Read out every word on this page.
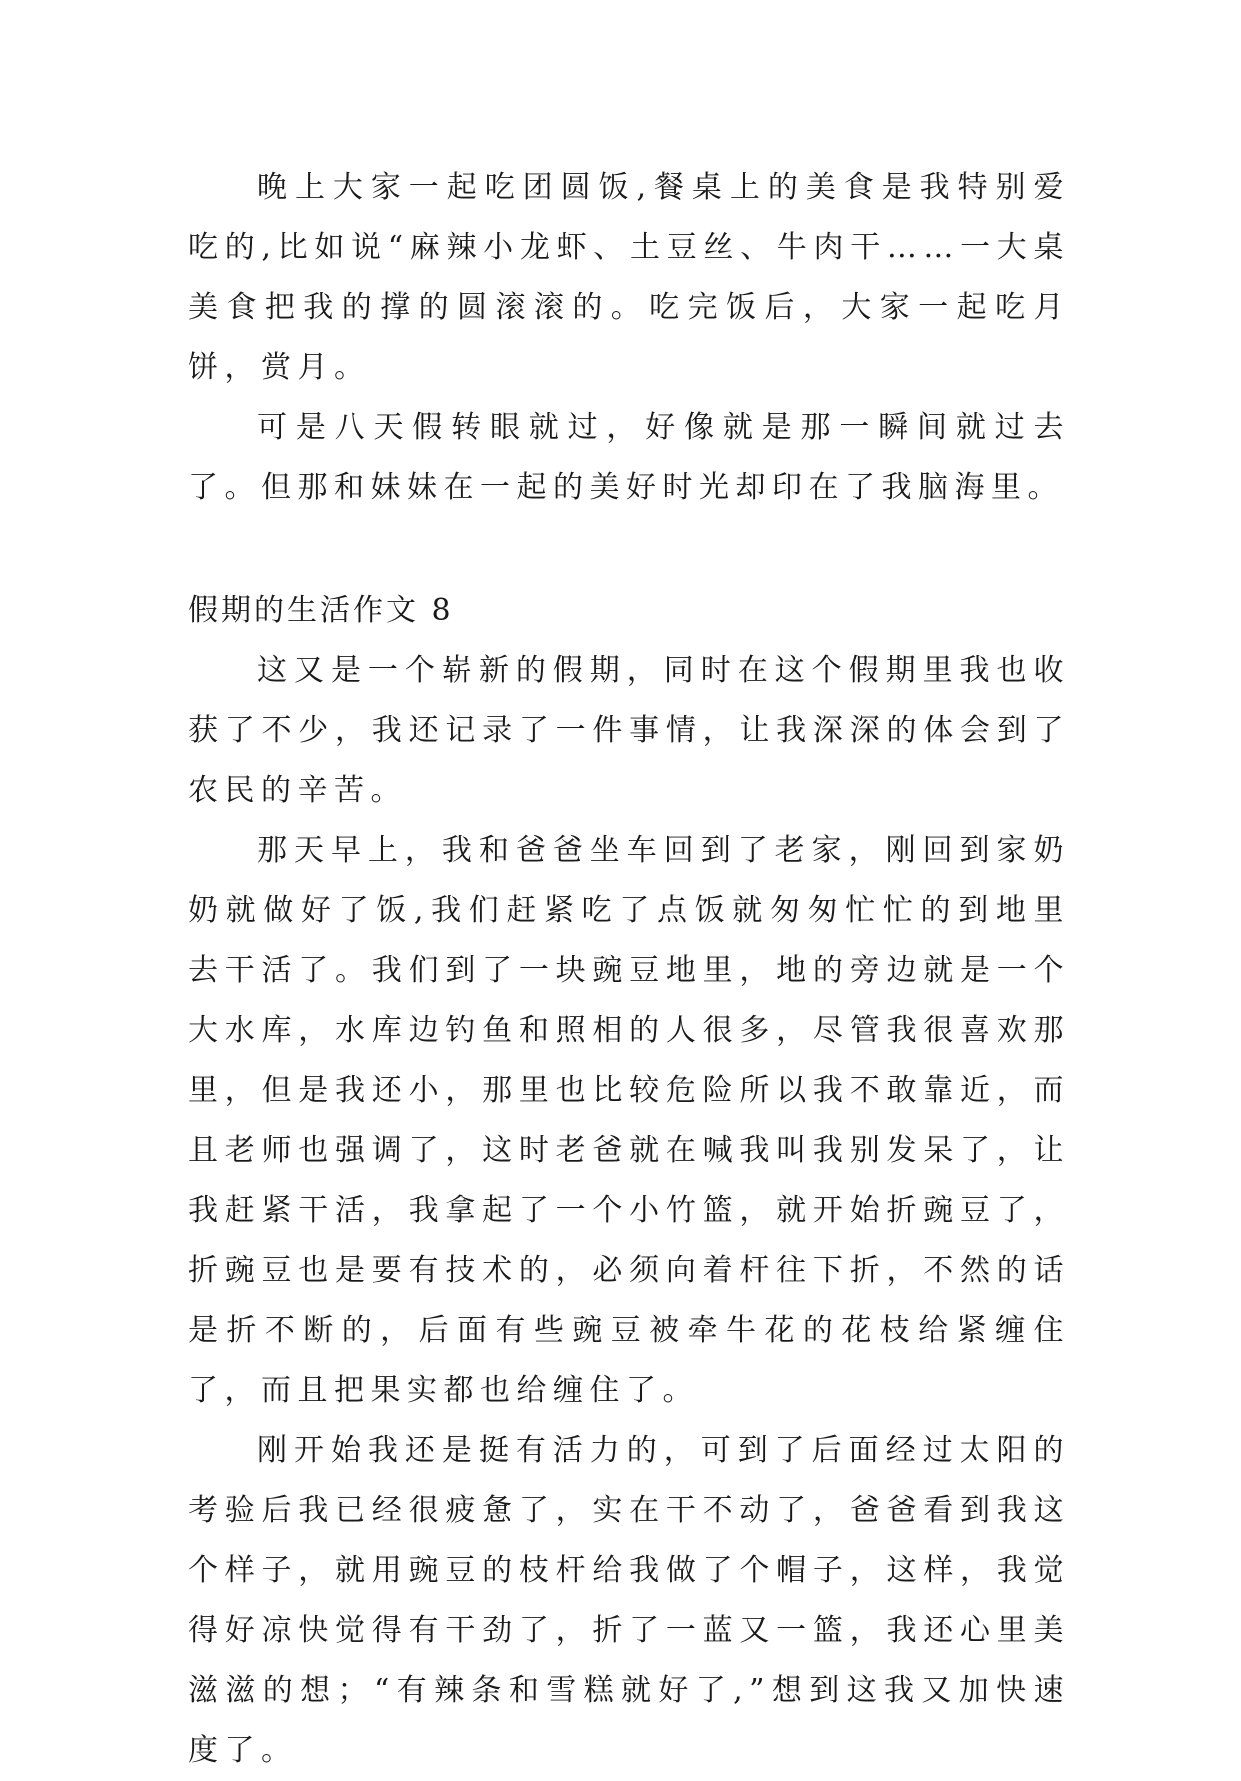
晚上大家一起吃团圆饭,餐桌上的美食是我特别爱吃的,比如说“麻辣小龙虾、土豆丝、牛肉干……一大桌美食把我的撑的圆滚滚的。吃完饭后，大家一起吃月饼，赏月。

可是八天假转眼就过，好像就是那一瞬间就过去了。但那和妹妹在一起的美好时光却印在了我脑海里。

假期的生活作文 8

这又是一个崭新的假期，同时在这个假期里我也收获了不少，我还记录了一件事情，让我深深的体会到了农民的辛苦。

那天早上，我和爸爸坐车回到了老家，刚回到家奶奶就做好了饭,我们赶紧吃了点饭就匆匆忙忙的到地里去干活了。我们到了一块豌豆地里，地的旁边就是一个大水库，水库边钓鱼和照相的人很多，尽管我很喜欢那里，但是我还小，那里也比较危险所以我不敢靠近，而且老师也强调了，这时老爸就在喊我叫我别发呆了，让我赶紧干活，我拿起了一个小竹篮，就开始折豌豆了，折豌豆也是要有技术的，必须向着杆往下折，不然的话是折不断的，后面有些豌豆被牵牛花的花枝给紧缠住了，而且把果实都也给缠住了。

刚开始我还是挺有活力的，可到了后面经过太阳的考验后我已经很疲惫了，实在干不动了，爸爸看到我这个样子，就用豌豆的枝杆给我做了个帽子，这样，我觉得好凉快觉得有干劲了，折了一蓝又一篮，我还心里美滋滋的想；“有辣条和雪糕就好了,”想到这我又加快速度了。
